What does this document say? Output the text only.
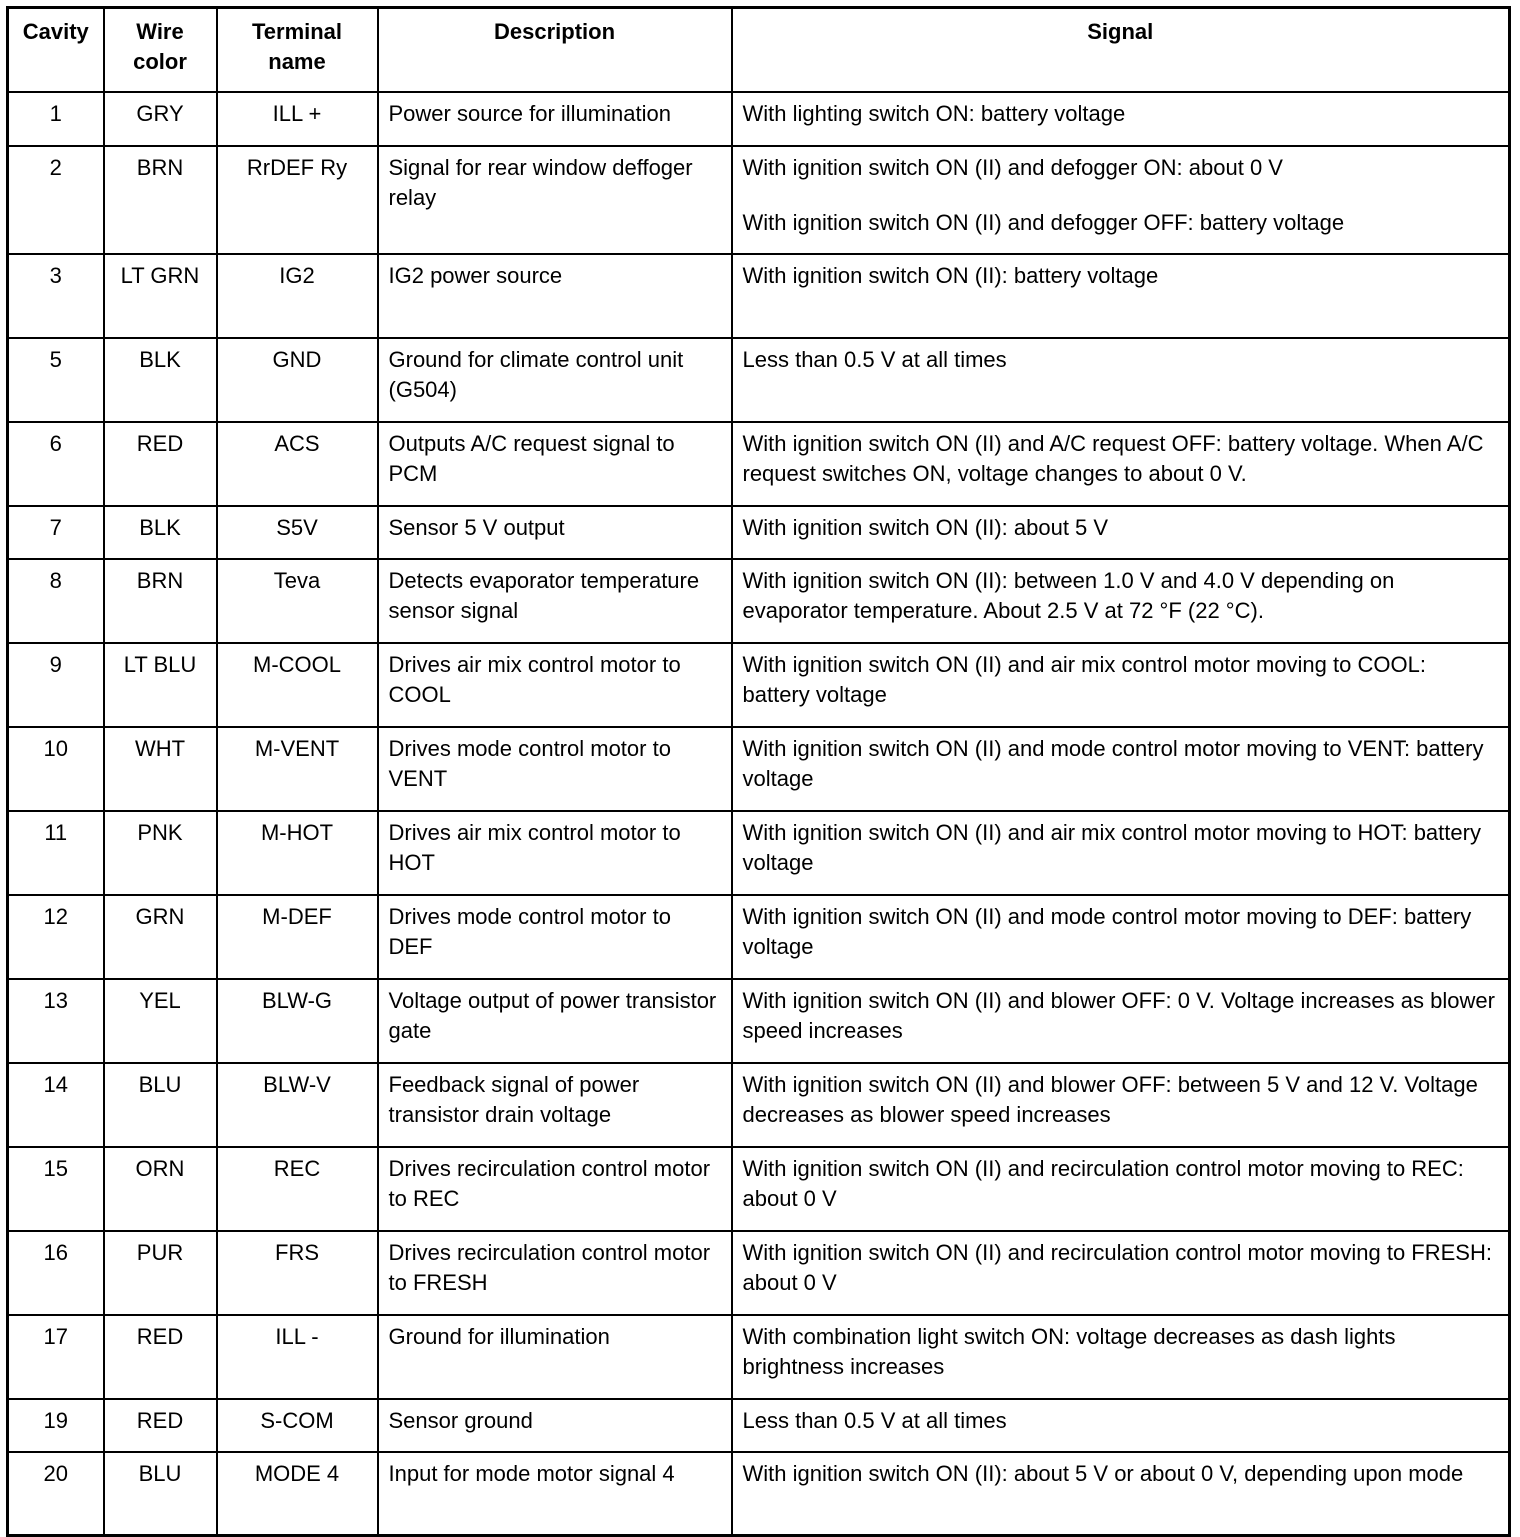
Cavity	Wire color	Terminal name	Description	Signal
1	GRY	ILL +	Power source for illumination	With lighting switch ON: battery voltage

2	BRN	RrDEF Ry	Signal for rear window deffoger relay	With ignition switch ON (II) and defogger ON: about 0 V
With ignition switch ON (II) and defogger OFF: battery voltage

3	LT GRN	IG2	IG2 power source	With ignition switch ON (II): battery voltage

5	BLK	GND	Ground for climate control unit (G504)	Less than 0.5 V at all times

6	RED	ACS	Outputs A/C request signal to PCM	With ignition switch ON (II) and A/C request OFF: battery voltage. When A/C request switches ON, voltage changes to about 0 V.

7	BLK	S5V	Sensor 5 V output	With ignition switch ON (II): about 5 V

8	BRN	Teva	Detects evaporator temperature sensor signal	With ignition switch ON (II): between 1.0 V and 4.0 V depending on evaporator temperature. About 2.5 V at 72 °F (22 °C).

9	LT BLU	M-COOL	Drives air mix control motor to COOL	With ignition switch ON (II) and air mix control motor moving to COOL: battery voltage

10	WHT	M-VENT	Drives mode control motor to VENT	With ignition switch ON (II) and mode control motor moving to VENT: battery voltage

11	PNK	M-HOT	Drives air mix control motor to HOT	With ignition switch ON (II) and air mix control motor moving to HOT: battery voltage

12	GRN	M-DEF	Drives mode control motor to DEF	With ignition switch ON (II) and mode control motor moving to DEF: battery voltage

13	YEL	BLW-G	Voltage output of power transistor gate	With ignition switch ON (II) and blower OFF: 0 V. Voltage increases as blower speed increases

14	BLU	BLW-V	Feedback signal of power transistor drain voltage	With ignition switch ON (II) and blower OFF: between 5 V and 12 V. Voltage decreases as blower speed increases

15	ORN	REC	Drives recirculation control motor to REC	With ignition switch ON (II) and recirculation control motor moving to REC: about 0 V

16	PUR	FRS	Drives recirculation control motor to FRESH	With ignition switch ON (II) and recirculation control motor moving to FRESH: about 0 V

17	RED	ILL -	Ground for illumination	With combination light switch ON: voltage decreases as dash lights brightness increases

19	RED	S-COM	Sensor ground	Less than 0.5 V at all times

20	BLU	MODE 4	Input for mode motor signal 4	With ignition switch ON (II): about 5 V or about 0 V, depending upon mode
